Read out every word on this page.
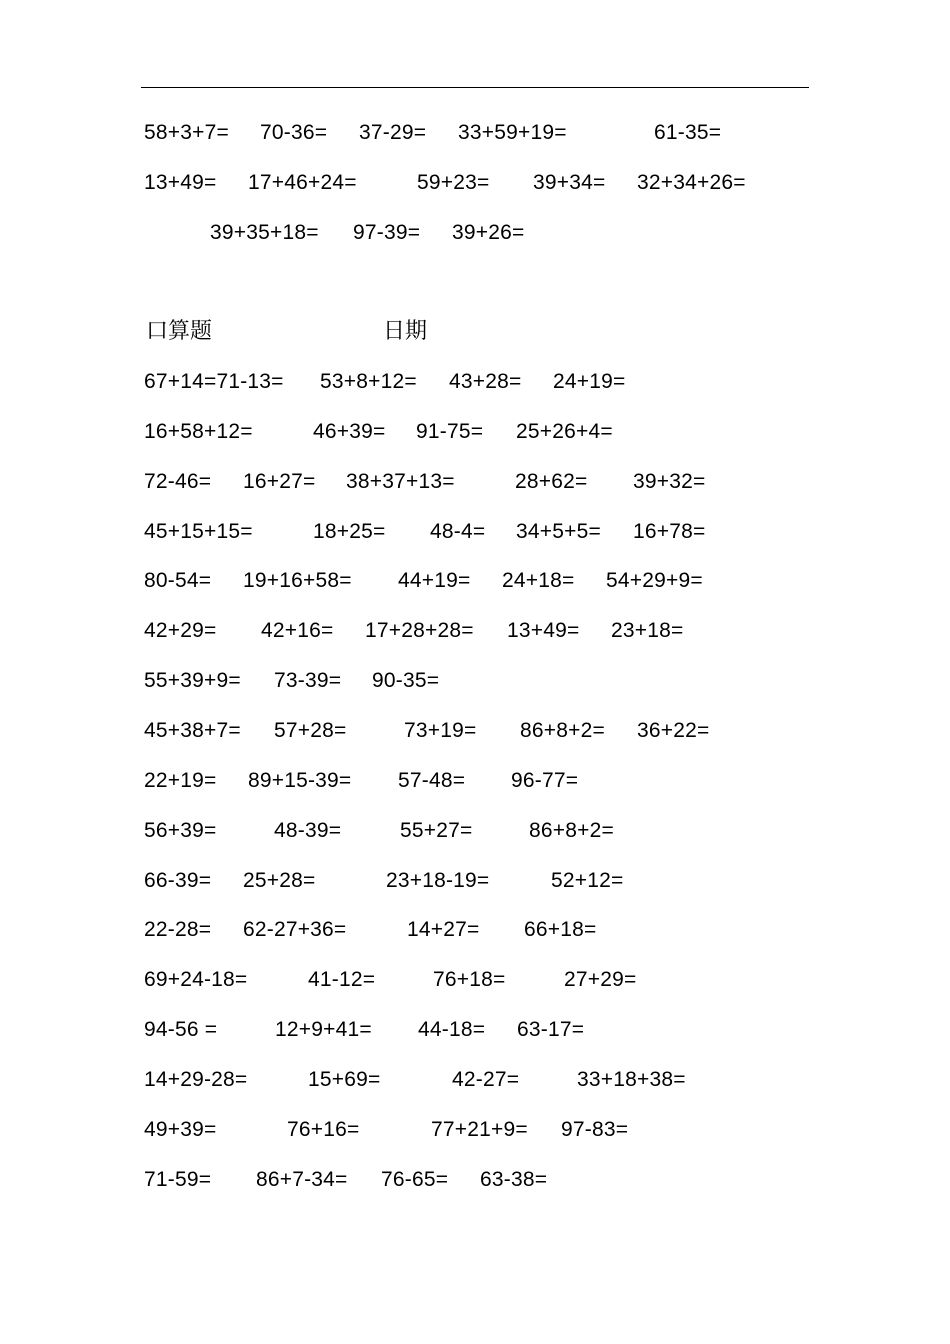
58+3+7= 70-36= 37-29= 33+59+19=	61-35=
13+49= 17+46+24=	59+23= 39+34= 32+34+26=
39+35+18= 97-39= 39+26=
口算题	日期
67+14=71-13= 53+8+12= 43+28= 24+19=
16+58+12=	46+39= 91-75= 25+26+4=
72-46= 16+27= 38+37+13=	28+62= 39+32=
45+15+15=	18+25= 48-4= 34+5+5= 16+78=
80-54= 19+16+58= 44+19= 24+18= 54+29+9=
42+29= 42+16= 17+28+28= 13+49= 23+18=
55+39+9= 73-39= 90-35=
45+38+7= 57+28=	73+19= 86+8+2= 36+22=
22+19= 89+15-39= 57-48= 96-77=
56+39=	48-39=	55+27=	86+8+2=
66-39= 25+28=	23+18-19=	52+12=
22-28= 62-27+36=	14+27= 66+18=
69+24-18=	41-12=	76+18=	27+29=
94-56 =	12+9+41= 44-18= 63-17=
14+29-28=	15+69=	42-27=	33+18+38=
49+39=	76+16=	77+21+9= 97-83=
71-59= 86+7-34= 76-65= 63-38=
